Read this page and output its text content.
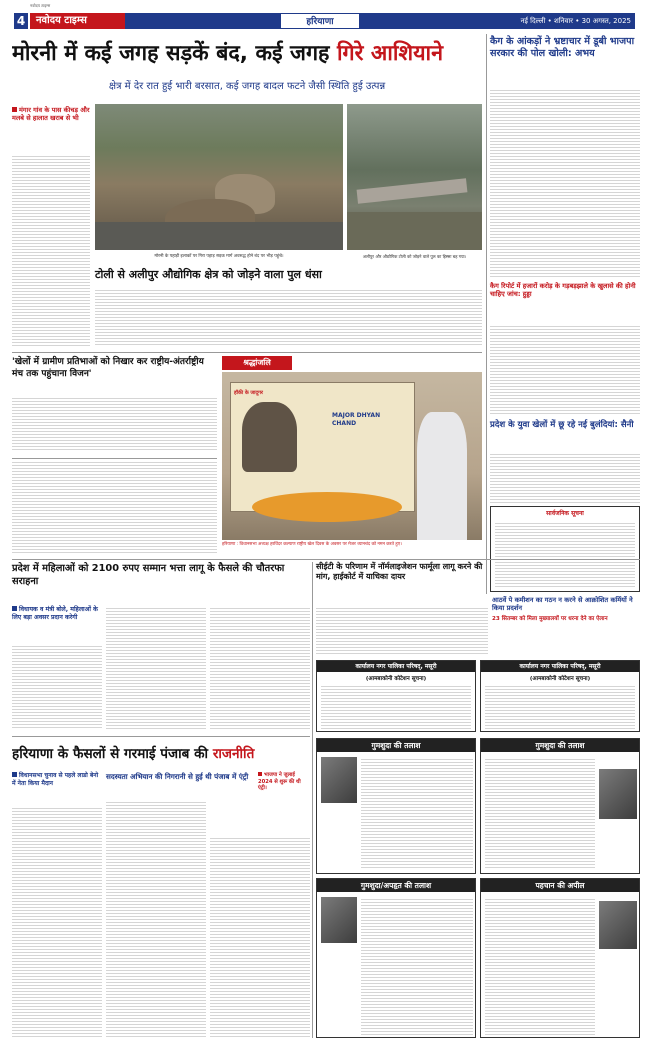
4
नवोदय टाइम्स
नवोदय टाइम्स	हरियाणा	नई दिल्ली • शनिवार • 30 अगस्त, 2025
मोरनी में कई जगह सड़कें बंद, कई जगह गिरे आशियाने
क्षेत्र में देर रात हुई भारी बरसात, कई जगह बादल फटने जैसी स्थिति हुई उत्पन्न
मंगार गांव के पास कीचड़ और मलबे से हालात खराब से भी
मोरनी के पहाड़ी इलाकों पर गिरा पहाड़ सड़क मार्ग अवरुद्ध होने बंद पर भीड़ पहुंचे।	अलीपुर और औद्योगिक टोली को जोड़ने वाले पुल का हिस्सा बह गया।
टोली से अलीपुर औद्योगिक क्षेत्र को जोड़ने वाला पुल धंसा
कैग के आंकड़ों ने भ्रष्टाचार में डूबी भाजपा सरकार की पोल खोली: अभय
कैग रिपोर्ट में हजारों करोड़ के गड़बड़झाले के खुलासे की होनी चाहिए जांच: हुड्डा
'खेलों में ग्रामीण प्रतिभाओं को निखार कर राष्ट्रीय-अंतर्राष्ट्रीय मंच तक पहुंचाना विजन'
श्रद्धांजलि
हॉकी के जादूगर
MAJOR DHYAN CHAND
हरियाणा : विधानसभा अध्यक्ष हरविंदर कल्याण राष्ट्रीय खेल दिवस के अवसर पर मेजर ध्यानचंद को नमन करते हुए।
प्रदेश के युवा खेलों में छू रहे नई बुलंदियां: सैनी
सार्वजनिक सूचना
प्रदेश में महिलाओं को 2100 रुपए सम्मान भत्ता लागू के फैसले की चौतरफा सराहना
विधायक व मंत्री बोले, महिलाओं के लिए बड़ा अवसर प्रदान करेगी
सीईटी के परिणाम में नॉर्मलाइजेशन फार्मूला लागू करने की मांग, हाईकोर्ट में याचिका दायर
आठवें पे कमीशन का गठन न करने से आक्रोशित कर्मियों ने किया प्रदर्शन
23 सितम्बर को मिला मुख्यालयों पर धरना देने का ऐलान
कार्यालय नगर पालिका परिषद्, मसूरी
(आमबाकोनी कोटेशन सूचना)
कार्यालय नगर पालिका परिषद्, मसूरी
(आमबाकोनी कोटेशन सूचना)
हरियाणा के फैसलों से गरमाई पंजाब की राजनीति
विधानसभा चुनाव से पहले लाडो बेनो में नेता किया मैदान
सदस्यता अभियान की निगरानी से हुई थी पंजाब में एंट्री	भाजपा ने जुलाई 2024 से शुरू की थी एंट्री।
गुमशुदा की तलाश	गुमशुदा की तलाश
गुमशुदा/अपहृत की तलाश	पहचान की अपील
